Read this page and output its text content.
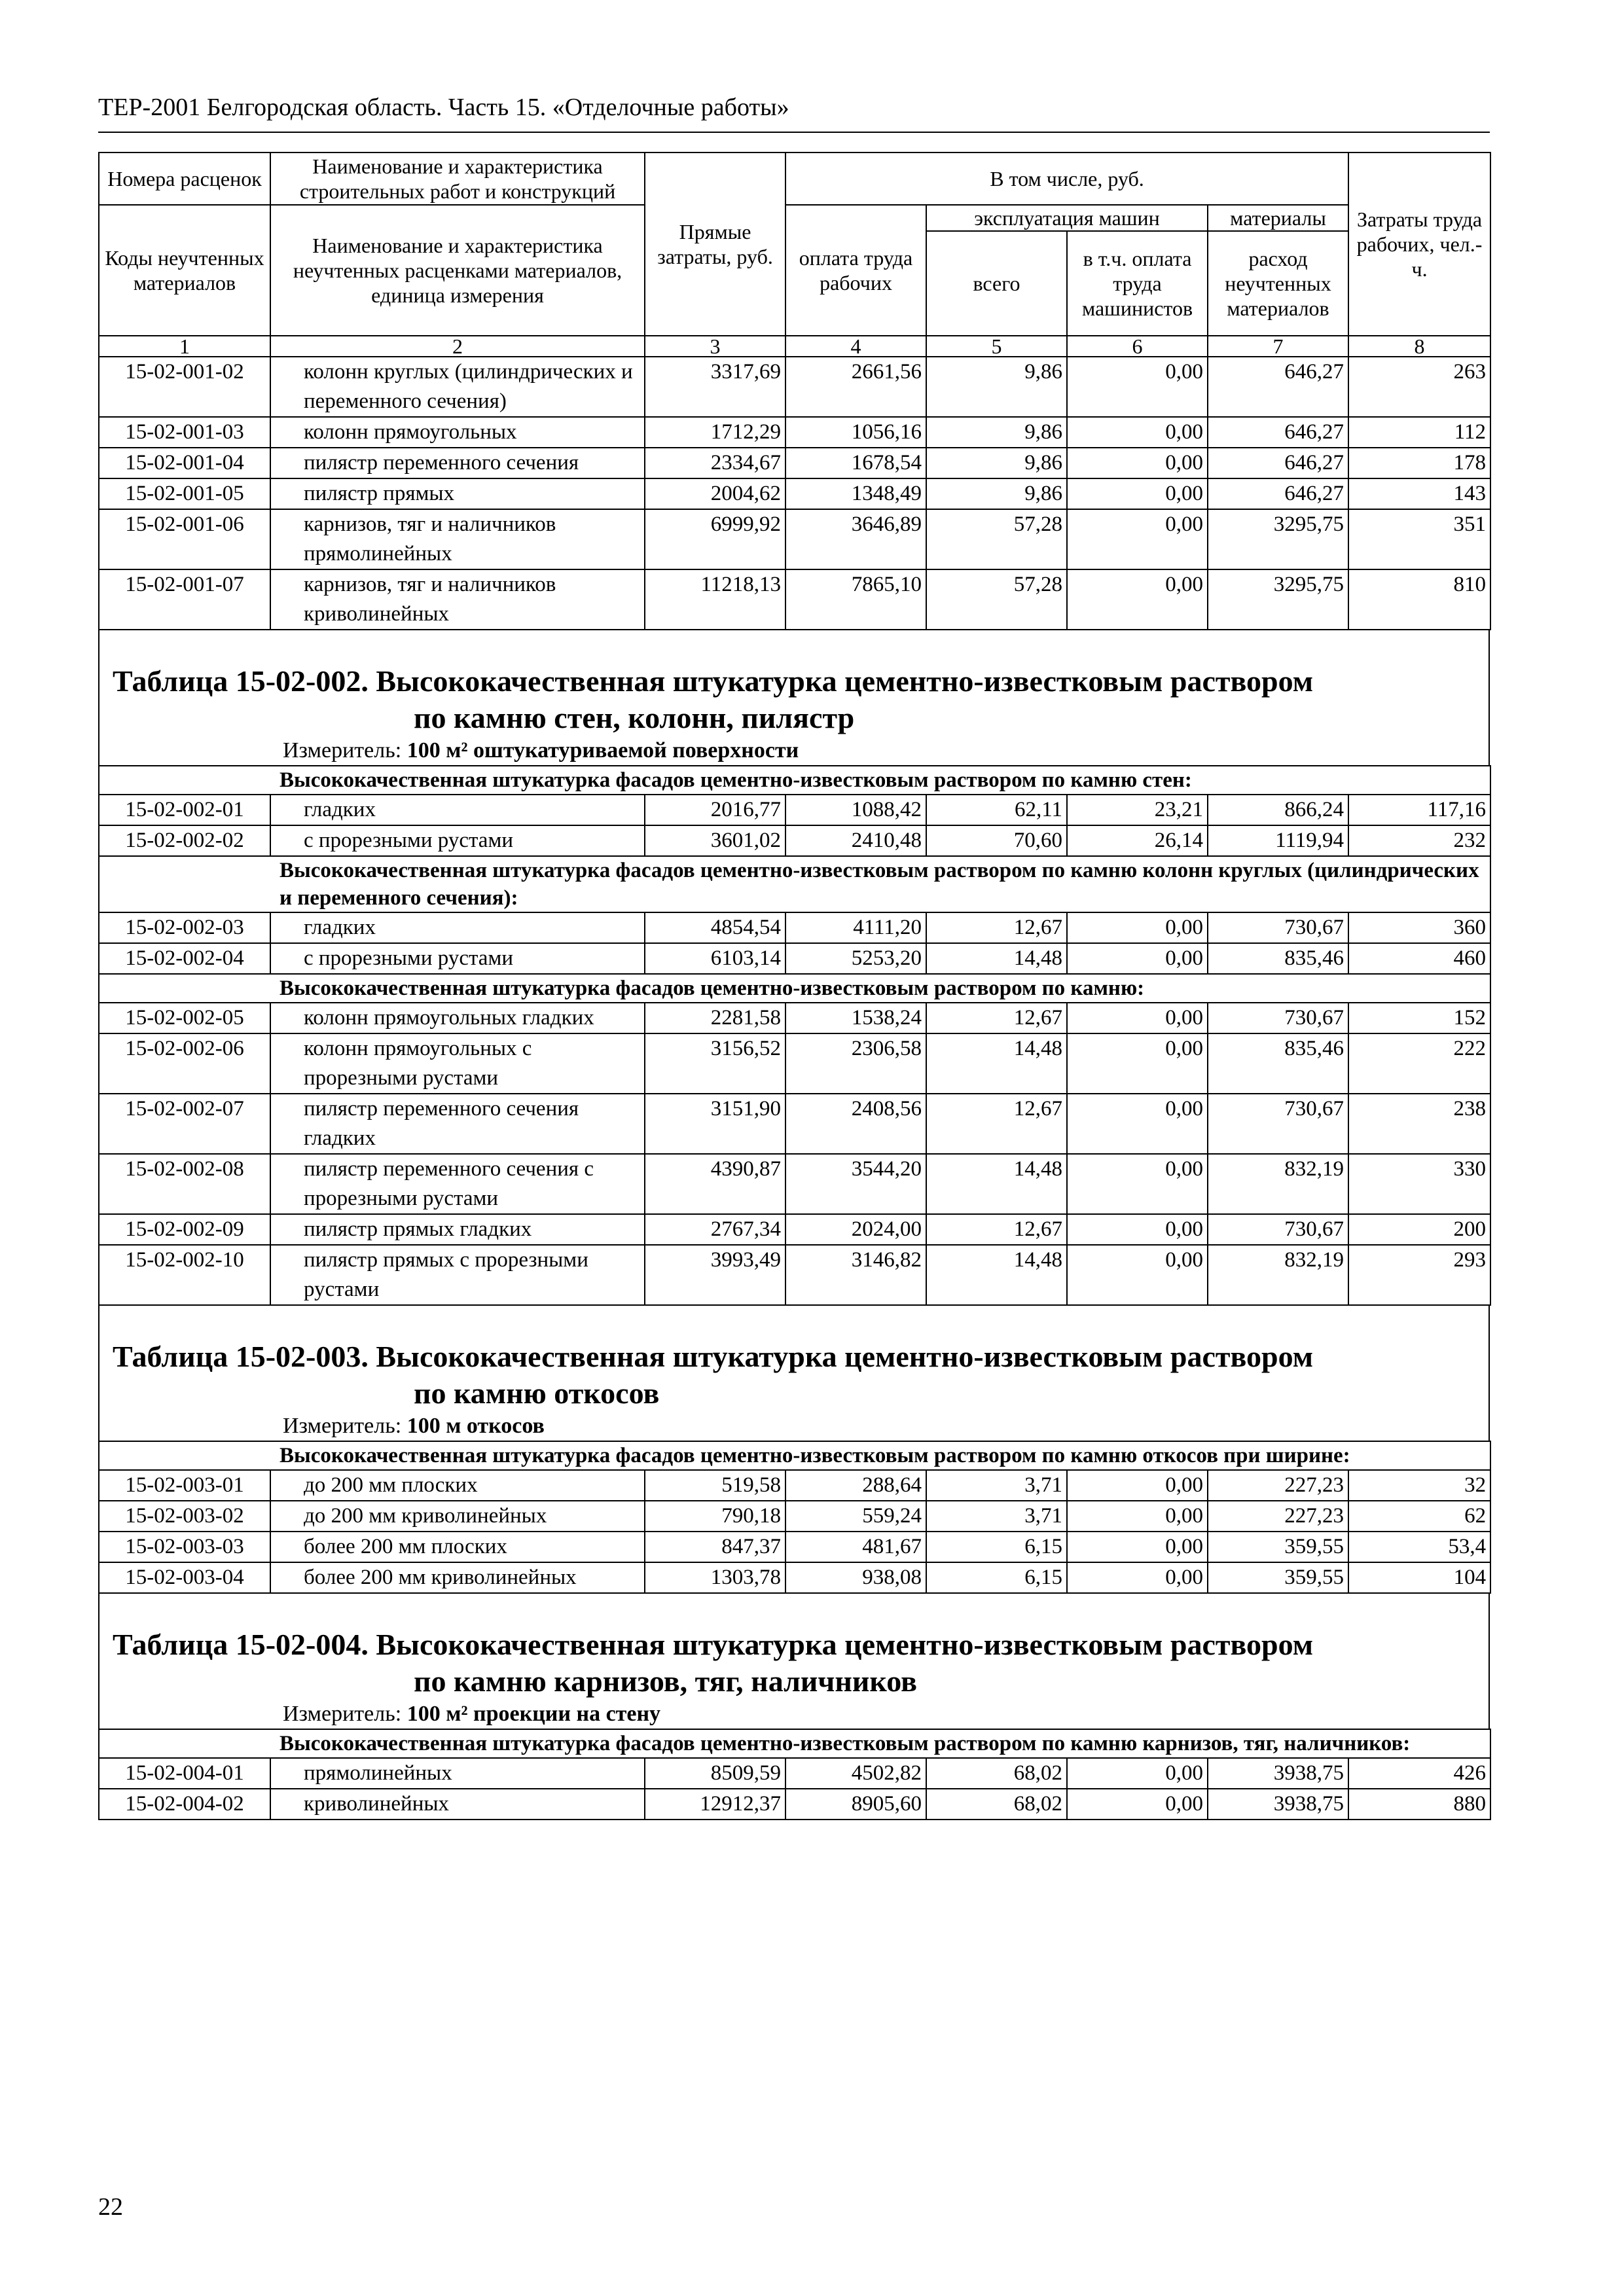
ТЕР-2001 Белгородская область. Часть 15. «Отделочные работы»
Номера расценок	Наименование и характеристика строительных работ и конструкций	Прямые затраты, руб.	В том числе, руб.				Затраты труда рабочих, чел.-ч.
Коды неучтенных материалов	Наименование и характеристика неучтенных расценками материалов, единица измерения		оплата труда рабочих	эксплуатация машин		материалы	
				всего	в т.ч. оплата труда машинистов	расход неучтенных материалов	
1	2	3	4	5	6	7	8
15-02-001-02	колонн круглых (цилиндрических и переменного сечения)	3317,69	2661,56	9,86	0,00	646,27	263
15-02-001-03	колонн прямоугольных	1712,29	1056,16	9,86	0,00	646,27	112
15-02-001-04	пилястр переменного сечения	2334,67	1678,54	9,86	0,00	646,27	178
15-02-001-05	пилястр прямых	2004,62	1348,49	9,86	0,00	646,27	143
15-02-001-06	карнизов, тяг и наличников прямолинейных	6999,92	3646,89	57,28	0,00	3295,75	351
15-02-001-07	карнизов, тяг и наличников криволинейных	11218,13	7865,10	57,28	0,00	3295,75	810
Таблица 15-02-002. Высококачественная штукатурка цементно-известковым раствором
по камню стен, колонн, пилястр
Измеритель: 100 м² оштукатуриваемой поверхности
Высококачественная штукатурка фасадов цементно-известковым раствором по камню стен:							
15-02-002-01	гладких	2016,77	1088,42	62,11	23,21	866,24	117,16
15-02-002-02	с прорезными рустами	3601,02	2410,48	70,60	26,14	1119,94	232
Высококачественная штукатурка фасадов цементно-известковым раствором по камню колонн круглых (цилиндрических и переменного сечения):							
15-02-002-03	гладких	4854,54	4111,20	12,67	0,00	730,67	360
15-02-002-04	с прорезными рустами	6103,14	5253,20	14,48	0,00	835,46	460
Высококачественная штукатурка фасадов цементно-известковым раствором по камню:							
15-02-002-05	колонн прямоугольных гладких	2281,58	1538,24	12,67	0,00	730,67	152
15-02-002-06	колонн прямоугольных с прорезными рустами	3156,52	2306,58	14,48	0,00	835,46	222
15-02-002-07	пилястр переменного сечения гладких	3151,90	2408,56	12,67	0,00	730,67	238
15-02-002-08	пилястр переменного сечения с прорезными рустами	4390,87	3544,20	14,48	0,00	832,19	330
15-02-002-09	пилястр прямых гладких	2767,34	2024,00	12,67	0,00	730,67	200
15-02-002-10	пилястр прямых с прорезными рустами	3993,49	3146,82	14,48	0,00	832,19	293
Таблица 15-02-003. Высококачественная штукатурка цементно-известковым раствором
по камню откосов
Измеритель: 100 м откосов
Высококачественная штукатурка фасадов цементно-известковым раствором по камню откосов при ширине:							
15-02-003-01	до 200 мм плоских	519,58	288,64	3,71	0,00	227,23	32
15-02-003-02	до 200 мм криволинейных	790,18	559,24	3,71	0,00	227,23	62
15-02-003-03	более 200 мм плоских	847,37	481,67	6,15	0,00	359,55	53,4
15-02-003-04	более 200 мм криволинейных	1303,78	938,08	6,15	0,00	359,55	104
Таблица 15-02-004. Высококачественная штукатурка цементно-известковым раствором
по камню карнизов, тяг, наличников
Измеритель: 100 м² проекции на стену
Высококачественная штукатурка фасадов цементно-известковым раствором по камню карнизов, тяг, наличников:							
15-02-004-01	прямолинейных	8509,59	4502,82	68,02	0,00	3938,75	426
15-02-004-02	криволинейных	12912,37	8905,60	68,02	0,00	3938,75	880
22
